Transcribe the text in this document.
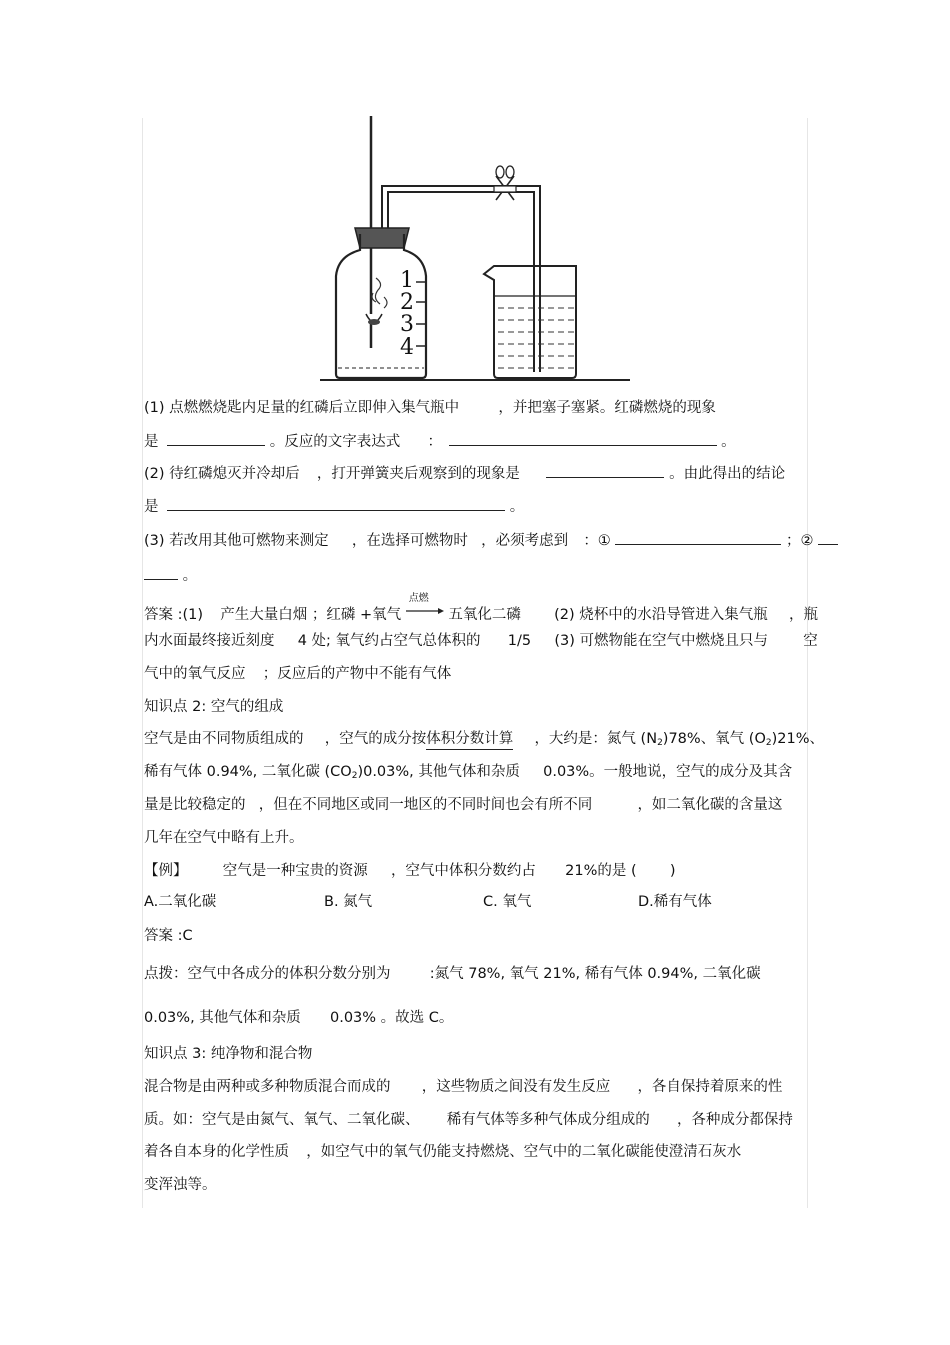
1
2
3
4
(1) 点燃燃烧匙内足量的红磷后立即伸入集气瓶中	，并把塞子塞紧。红磷燃烧的现象
是	。反应的文字表达式 ：	。
(2) 待红磷熄灭并冷却后 ，打开弹簧夹后观察到的现象是	。由此得出的结论
是	。
(3) 若改用其他可燃物来测定 ，在选择可燃物时 ，必须考虑到 ：①	；②
。
答案 :(1) 产生大量白烟 ；红磷 +氧气
点燃
五氧化二磷 (2) 烧杯中的水沿导管进入集气瓶 ，瓶
内水面最终接近刻度 4 处; 氧气约占空气总体积的 1/5 (3) 可燃物能在空气中燃烧且只与 空
气中的氧气反应 ；反应后的产物中不能有气体
知识点 2: 空气的组成
空气是由不同物质组成的 ，空气的成分按体积分数计算 ，大约是：氮气 (N2)78%、氧气 (O2)21%、
稀有气体 0.94%, 二氧化碳 (CO2)0.03%, 其他气体和杂质 0.03%。一般地说，空气的成分及其含
量是比较稳定的 ，但在不同地区或同一地区的不同时间也会有所不同	，如二氧化碳的含量这
几年在空气中略有上升。
【例】 空气是一种宝贵的资源 ，空气中体积分数约占 21%的是 ( )
A.二氧化碳	B. 氮气	C. 氧气	D.稀有气体
答案 :C
点拨：空气中各成分的体积分数分别为	:氮气 78%, 氧气 21%, 稀有气体 0.94%, 二氧化碳
0.03%, 其他气体和杂质 0.03% 。故选 C。
知识点 3: 纯净物和混合物
混合物是由两种或多种物质混合而成的 ，这些物质之间没有发生反应 ，各自保持着原来的性
质。如：空气是由氮气、氧气、二氧化碳、 稀有气体等多种气体成分组成的 ，各种成分都保持
着各自本身的化学性质 ，如空气中的氧气仍能支持燃烧、空气中的二氧化碳能使澄清石灰水
变浑浊等。
